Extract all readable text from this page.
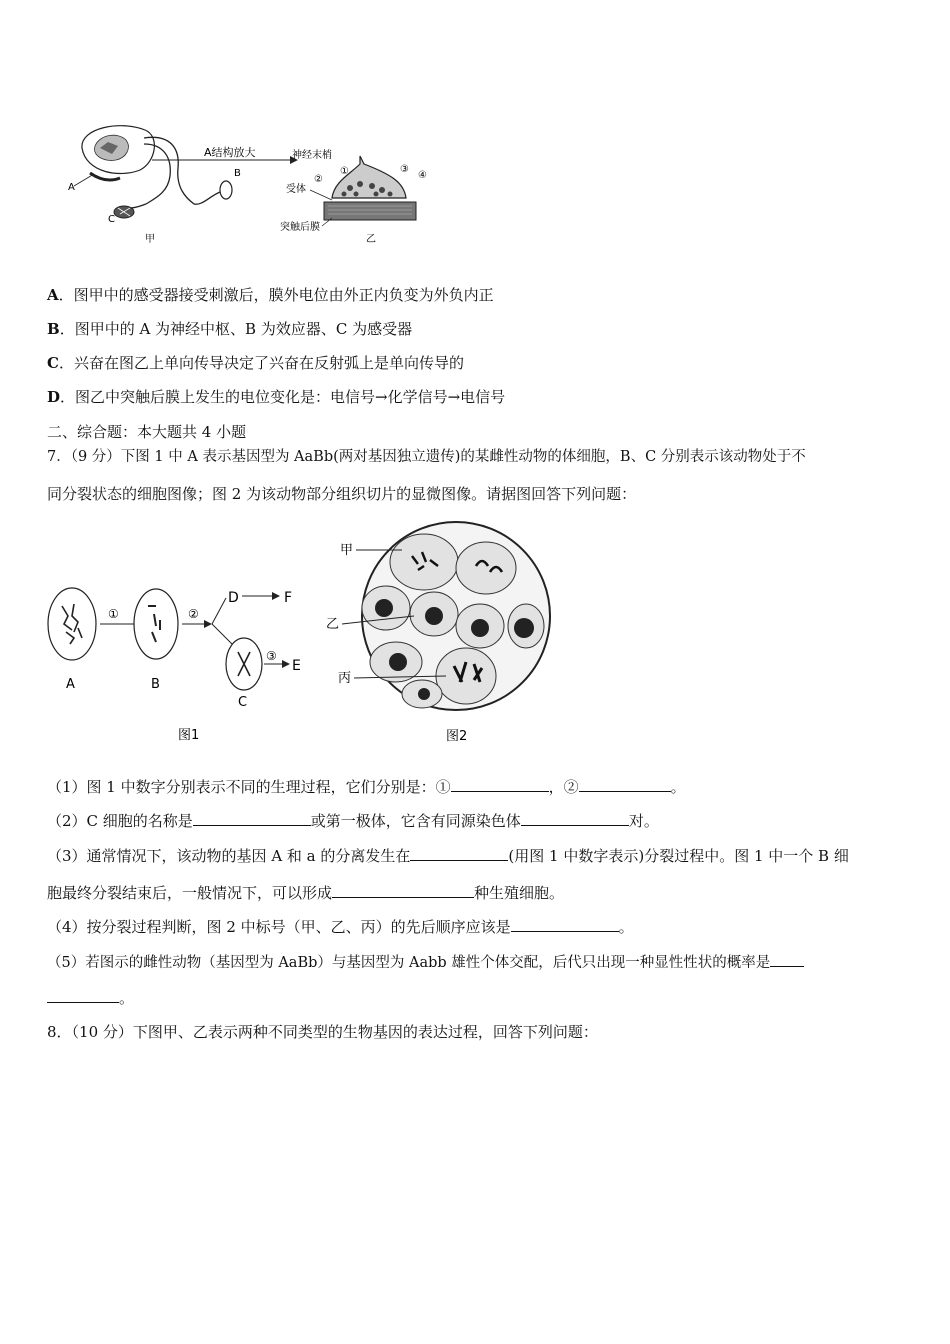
A
B
C
甲
A结构放大	神经末梢
受体
突触后膜
①
②
③
④
乙
A．图甲中的感受器接受刺激后，膜外电位由外正内负变为外负内正
B．图甲中的 A 为神经中枢、B 为效应器、C 为感受器
C．兴奋在图乙上单向传导决定了兴奋在反射弧上是单向传导的
D．图乙中突触后膜上发生的电位变化是：电信号→化学信号→电信号
二、综合题：本大题共 4 小题
7．（9 分）下图 1 中 A 表示基因型为 AaBb(两对基因独立遗传)的某雌性动物的体细胞，B、C 分别表示该动物处于不
同分裂状态的细胞图像；图 2 为该动物部分组织切片的显微图像。请据图回答下列问题：
A
①
B
②
D	F
C
③
E
图1
甲
乙
丙
图2
（1）图 1 中数字分别表示不同的生理过程，它们分别是：①	，②	。
（2）C 细胞的名称是	或第一极体，它含有同源染色体	对。
（3）通常情况下，该动物的基因 A 和 a 的分离发生在	(用图 1 中数字表示)分裂过程中。图 1 中一个 B 细
胞最终分裂结束后，一般情况下，可以形成	种生殖细胞。
（4）按分裂过程判断，图 2 中标号（甲、乙、丙）的先后顺序应该是	。
（5）若图示的雌性动物（基因型为 AaBb）与基因型为 Aabb 雄性个体交配，后代只出现一种显性性状的概率是
。
8．（10 分）下图甲、乙表示两种不同类型的生物基因的表达过程，回答下列问题：
